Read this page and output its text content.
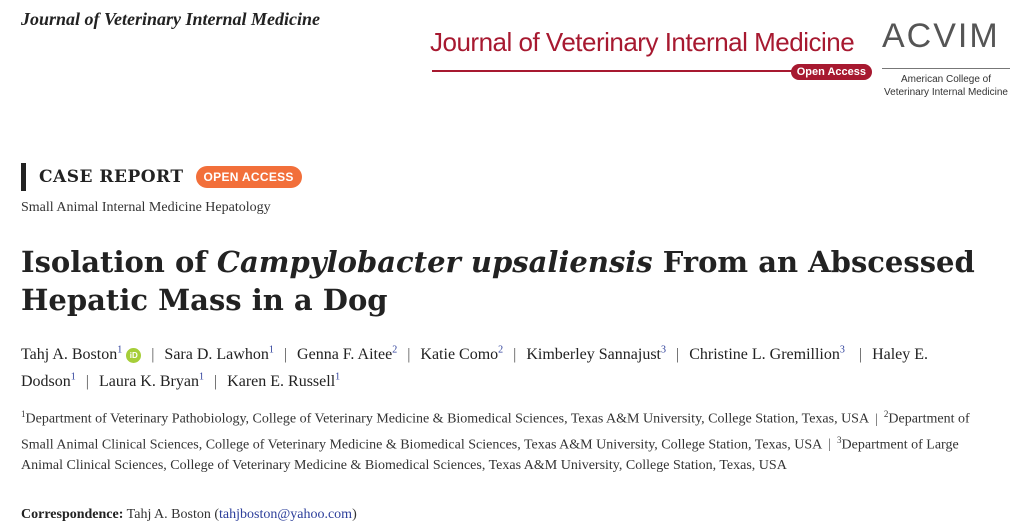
Journal of Veterinary Internal Medicine
Journal of Veterinary Internal Medicine
Open Access
ACVIM
American College of
Veterinary Internal Medicine
CASE REPORT	OPEN ACCESS
Small Animal Internal Medicine Hepatology
Isolation of Campylobacter upsaliensis From an Abscessed Hepatic Mass in a Dog
Tahj A. Boston$^1$ iD | Sara D. Lawhon$^1$ | Genna F. Aitee$^2$ | Katie Como$^2$ | Kimberley Sannajust$^3$ | Christine L. Gremillion$^3$ | Haley E. Dodson$^1$ | Laura K. Bryan$^1$ | Karen E. Russell$^1$
$^1$Department of Veterinary Pathobiology, College of Veterinary Medicine & Biomedical Sciences, Texas A&M University, College Station, Texas, USA | $^2$Department of Small Animal Clinical Sciences, College of Veterinary Medicine & Biomedical Sciences, Texas A&M University, College Station, Texas, USA | $^3$Department of Large Animal Clinical Sciences, College of Veterinary Medicine & Biomedical Sciences, Texas A&M University, College Station, Texas, USA
Correspondence: Tahj A. Boston (tahjboston@yahoo.com)
